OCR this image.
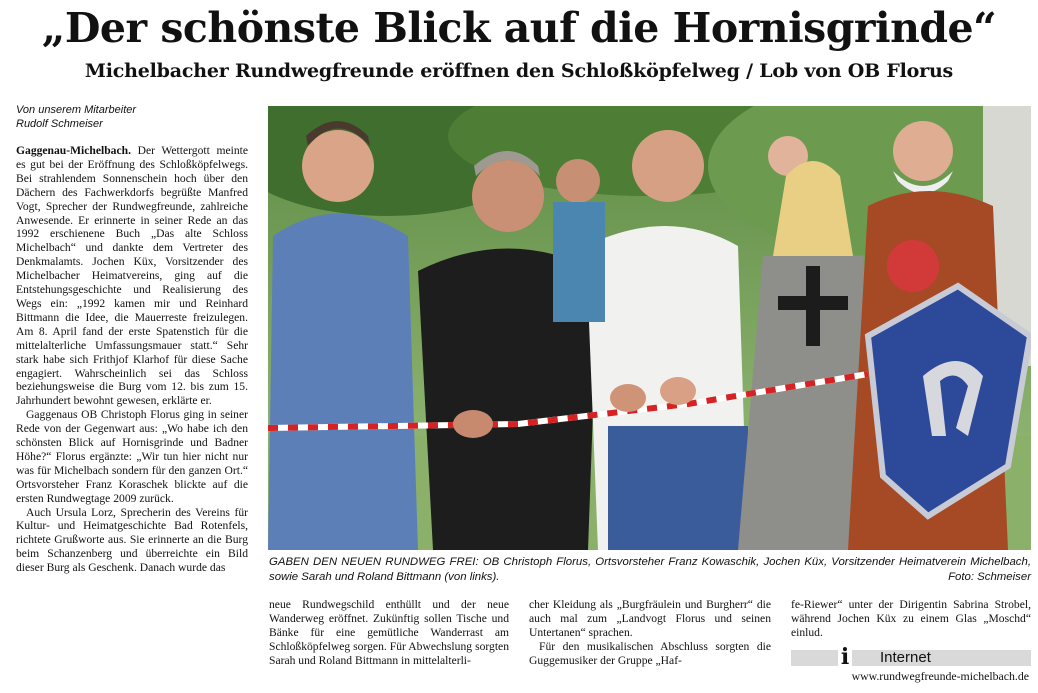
„Der schönste Blick auf die Hornisgrinde“
Michelbacher Rundwegfreunde eröffnen den Schloßköpfelweg / Lob von OB Florus
Von unserem Mitarbeiter
Rudolf Schmeiser

Gaggenau-Michelbach. Der Wettergott meinte es gut bei der Eröffnung des Schloßköpfelwegs. Bei strahlendem Sonnenschein hoch über den Dächern des Fachwerkdorfs begrüßte Manfred Vogt, Sprecher der Rundwegfreunde, zahlreiche Anwesende. Er erinnerte in seiner Rede an das 1992 erschienene Buch „Das alte Schloss Michelbach“ und dankte dem Vertreter des Denkmalamts. Jochen Küx, Vorsitzender des Michelbacher Heimatvereins, ging auf die Entstehungsgeschichte und Realisierung des Wegs ein: „1992 kamen mir und Reinhard Bittmann die Idee, die Mauerreste freizulegen. Am 8. April fand der erste Spatenstich für die mittelalterliche Umfassungsmauer statt.“ Sehr stark habe sich Frithjof Klarhof für diese Sache engagiert. Wahrscheinlich sei das Schloss beziehungsweise die Burg vom 12. bis zum 15. Jahrhundert bewohnt gewesen, erklärte er.

Gaggenaus OB Christoph Florus ging in seiner Rede von der Gegenwart aus: „Wo habe ich den schönsten Blick auf Hornisgrinde und Badner Höhe?“ Florus ergänzte: „Wir tun hier nicht nur was für Michelbach sondern für den ganzen Ort.“ Ortsvorsteher Franz Koraschek blickte auf die ersten Rundwegtage 2009 zurück.

Auch Ursula Lorz, Sprecherin des Vereins für Kultur- und Heimatgeschichte Bad Rotenfels, richtete Grußworte aus. Sie erinnerte an die Burg beim Schanzenberg und überreichte ein Bild dieser Burg als Geschenk. Danach wurde das	GABEN DEN NEUEN RUNDWEG FREI: OB Christoph Florus, Ortsvorsteher Franz Kowaschik, Jochen Küx, Vorsitzender Heimatverein Michelbach, sowie Sarah und Roland Bittmann (von links).	Foto: Schmeiser

neue Rundwegschild enthüllt und der neue Wanderweg eröffnet. Zukünftig sollen Tische und Bänke für eine gemütliche Wanderrast am Schloßköpfelweg sorgen. Für Abwechslung sorgten Sarah und Roland Bittmann in mittelalterli-

cher Kleidung als „Burgfräulein und Burgherr“ die auch mal zum „Landvogt Florus und seinen Untertanen“ sprachen.

Für den musikalischen Abschluss sorgten die Guggemusiker der Gruppe „Haf-

fe-Riewer“ unter der Dirigentin Sabrina Strobel, während Jochen Küx zu einem Glas „Moschd“ einlud.

i Internet
www.rundwegfreunde-michelbach.de
